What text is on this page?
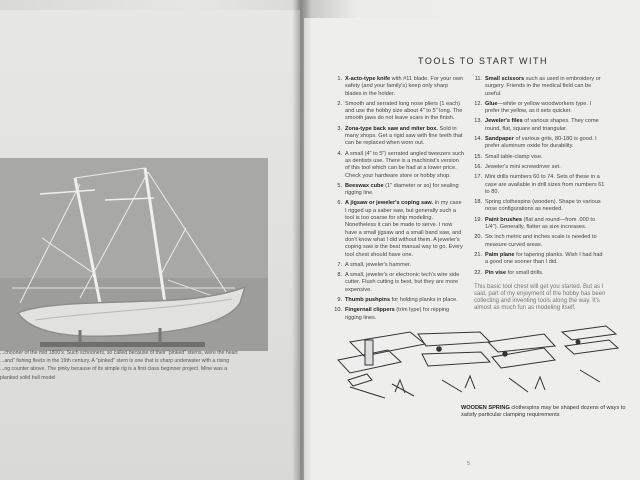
...chooner of the mid 1800's. Such schooners, so called because of their "pinked" sterns, were the heart
...and" fishing fleets in the 19th century. A "pinked" stern is one that is sharp underwater with a rising
...ng counter above. The pinky because of its simple rig is a first class beginner project. Mine was a
planked solid hull model
TOOLS TO START WITH
1. X-acto-type knife with #11 blade. For your own safety (and your family's) keep only sharp blades in the holder.
2. Smooth and serrated long nose pliers (1 each) and use the hobby size about 4" to 5" long. The smooth jaws do not leave scars in the finish.
3. Zona-type back saw and miter box. Sold in many shops. Get a rigid saw with fine teeth that can be replaced when worn out.
4. A small (4" to 5") serrated angled tweezers such as dentists use. There is a machinist's version of this tool which can be had at a lower price. Check your hardware store or hobby shop.
5. Beeswax cube (1" diameter or so) for sealing rigging line.
6. A jigsaw or jeweler's coping saw. In my case I rigged up a saber saw, but generally such a tool is too coarse for ship modeling. Nonetheless it can be made to serve. I now have a small jigsaw and a small band saw, and don't know what I did without them. A jeweler's coping saw is the best manual way to go. Every tool chest should have one.
7. A small, jeweler's hammer.
8. A small, jeweler's or electronic tech's wire side cutter. Flush cutting is best, but they are more expensive.
9. Thumb pushpins for holding planks in place.
10. Fingernail clippers (trim type) for nipping rigging lines.
11. Small scissors such as used in embroidery or surgery. Friends in the medical field can be useful.
12. Glue—white or yellow woodworkers type. I prefer the yellow, as it sets quicker.
13. Jeweler's files of various shapes. They come round, flat, square and triangular.
14. Sandpaper of various grits, 80-180 is good. I prefer aluminum oxide for durability.
15. Small table-clamp vise.
16. Jeweler's mini screwdriver set.
17. Mini drills numbers 60 to 74. Sets of these in a case are available in drill sizes from numbers 61 to 80.
18. Spring clothespins (wooden). Shape to various nose configurations as needed.
19. Paint brushes (flat and round—from .000 to 1/4"). Generally, flatter as size increases.
20. Six inch metric and inches scale is needed to measure curved areas.
21. Palm plane for tapering planks. Wish I had had a good one sooner than I did.
22. Pin vise for small drills.
This basic tool chest will get you started. But as I said, part of my enjoyment of the hobby has been collecting and inventing tools along the way. It's almost as much fun as modeling itself.
WOODEN SPRING clothespins may be shaped dozens of ways to satisfy particular clamping requirements
5
